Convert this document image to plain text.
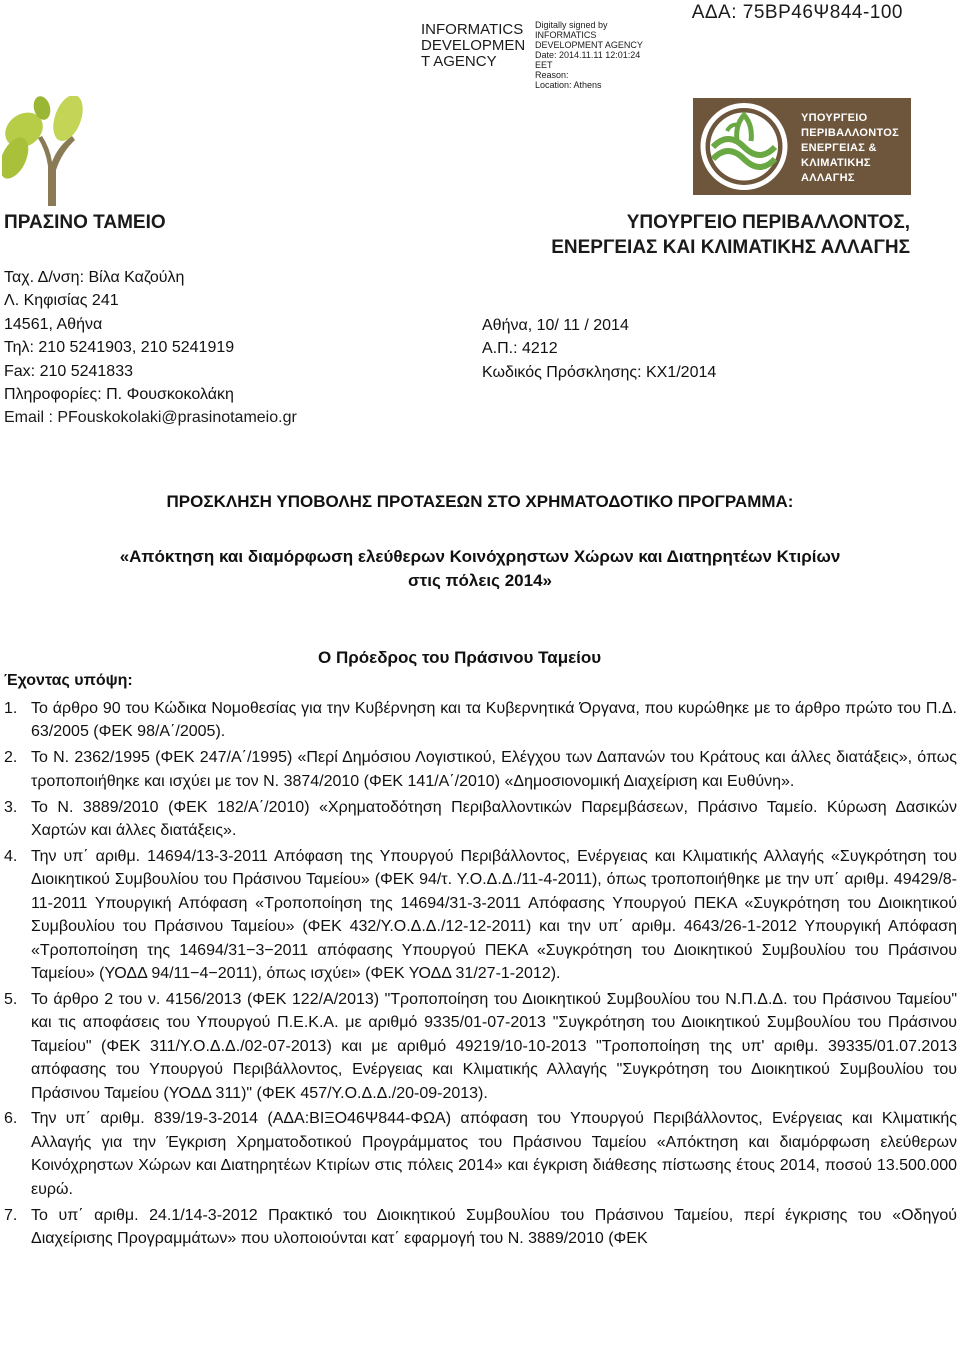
INFORMATICS
DEVELOPMEN
T AGENCY
Digitally signed by
INFORMATICS
DEVELOPMENT AGENCY
Date: 2014.11.11 12:01:24
EET
Reason:
Location: Athens
ΑΔΑ: 75ΒΡ46Ψ844-100
ΥΠΟΥΡΓΕΙΟ
ΠΕΡΙΒΑΛΛΟΝΤΟΣ
ΕΝΕΡΓΕΙΑΣ &
ΚΛΙΜΑΤΙΚΗΣ
ΑΛΛΑΓΗΣ
ΠΡΑΣΙΝΟ ΤΑΜΕΙΟ	ΥΠΟΥΡΓΕΙΟ ΠΕΡΙΒΑΛΛΟΝΤΟΣ,
ΕΝΕΡΓΕΙΑΣ ΚΑΙ ΚΛΙΜΑΤΙΚΗΣ ΑΛΛΑΓΗΣ
Ταχ. Δ/νση: Βίλα Καζούλη
Λ. Κηφισίας 241
14561, Αθήνα
Τηλ: 210 5241903, 210 5241919
Fax: 210 5241833
Πληροφορίες: Π. Φουσκοκολάκη
Email : PFouskokolaki@prasinotameio.gr
Αθήνα, 10/ 11 / 2014
Α.Π.: 4212
Κωδικός Πρόσκλησης: ΚΧ1/2014
ΠΡΟΣΚΛΗΣΗ ΥΠΟΒΟΛΗΣ ΠΡΟΤΑΣΕΩΝ ΣΤΟ ΧΡΗΜΑΤΟΔΟΤΙΚΟ ΠΡΟΓΡΑΜΜΑ:
«Απόκτηση και διαμόρφωση ελεύθερων Κοινόχρηστων Χώρων και Διατηρητέων Κτιρίων
στις πόλεις 2014»
Ο Πρόεδρος του Πράσινου Ταμείου
Έχοντας υπόψη:

1. Το άρθρο 90 του Κώδικα Νομοθεσίας για την Κυβέρνηση και τα Κυβερνητικά Όργανα, που κυρώθηκε με το άρθρο πρώτο του Π.Δ. 63/2005 (ΦΕΚ 98/Α΄/2005).

2. Το Ν. 2362/1995 (ΦΕΚ 247/Α΄/1995) «Περί Δημόσιου Λογιστικού, Ελέγχου των Δαπανών του Κράτους και άλλες διατάξεις», όπως τροποποιήθηκε και ισχύει με τον Ν. 3874/2010 (ΦΕΚ 141/Α΄/2010) «Δημοσιονομική Διαχείριση και Ευθύνη».

3. Το Ν. 3889/2010 (ΦΕΚ 182/Α΄/2010) «Χρηματοδότηση Περιβαλλοντικών Παρεμβάσεων, Πράσινο Ταμείο. Κύρωση Δασικών Χαρτών και άλλες διατάξεις».

4. Την υπ΄ αριθμ. 14694/13-3-2011 Απόφαση της Υπουργού Περιβάλλοντος, Ενέργειας και Κλιματικής Αλλαγής «Συγκρότηση του Διοικητικού Συμβουλίου του Πράσινου Ταμείου» (ΦΕΚ 94/τ. Υ.Ο.Δ.Δ./11-4-2011), όπως τροποποιήθηκε με την υπ΄ αριθμ. 49429/8-11-2011 Υπουργική Απόφαση «Τροποποίηση της 14694/31-3-2011 Απόφασης Υπουργού ΠΕΚΑ «Συγκρότηση του Διοικητικού Συμβουλίου του Πράσινου Ταμείου» (ΦΕΚ 432/Υ.Ο.Δ.Δ./12-12-2011) και την υπ΄ αριθμ. 4643/26-1-2012 Υπουργική Απόφαση «Τροποποίηση της 14694/31−3−2011 απόφασης Υπουργού ΠΕΚΑ «Συγκρότηση του Διοικητικού Συμβουλίου του Πράσινου Ταμείου» (ΥΟΔΔ 94/11−4−2011), όπως ισχύει» (ΦΕΚ ΥΟΔΔ 31/27-1-2012).

5. Το άρθρο 2 του ν. 4156/2013 (ΦΕΚ 122/Α/2013) "Τροποποίηση του Διοικητικού Συμβουλίου του Ν.Π.Δ.Δ. του Πράσινου Ταμείου" και τις αποφάσεις του Υπουργού Π.Ε.Κ.Α. με αριθμό 9335/01-07-2013 "Συγκρότηση του Διοικητικού Συμβουλίου του Πράσινου Ταμείου" (ΦΕΚ 311/Υ.Ο.Δ.Δ./02-07-2013) και με αριθμό 49219/10-10-2013 "Τροποποίηση της υπ' αριθμ. 39335/01.07.2013 απόφασης του Υπουργού Περιβάλλοντος, Ενέργειας και Κλιματικής Αλλαγής "Συγκρότηση του Διοικητικού Συμβουλίου του Πράσινου Ταμείου (ΥΟΔΔ 311)" (ΦΕΚ 457/Υ.Ο.Δ.Δ./20-09-2013).

6. Την υπ΄ αριθμ. 839/19-3-2014 (ΑΔΑ:ΒΙΞΟ46Ψ844-ΦΩΑ) απόφαση του Υπουργού Περιβάλλοντος, Ενέργειας και Κλιματικής Αλλαγής για την Έγκριση Χρηματοδοτικού Προγράμματος του Πράσινου Ταμείου «Απόκτηση και διαμόρφωση ελεύθερων Κοινόχρηστων Χώρων και Διατηρητέων Κτιρίων στις πόλεις 2014» και έγκριση διάθεσης πίστωσης έτους 2014, ποσού 13.500.000 ευρώ.

7. Το υπ΄ αριθμ. 24.1/14-3-2012 Πρακτικό του Διοικητικού Συμβουλίου του Πράσινου Ταμείου, περί έγκρισης του «Οδηγού Διαχείρισης Προγραμμάτων» που υλοποιούνται κατ΄ εφαρμογή του Ν. 3889/2010 (ΦΕΚ
